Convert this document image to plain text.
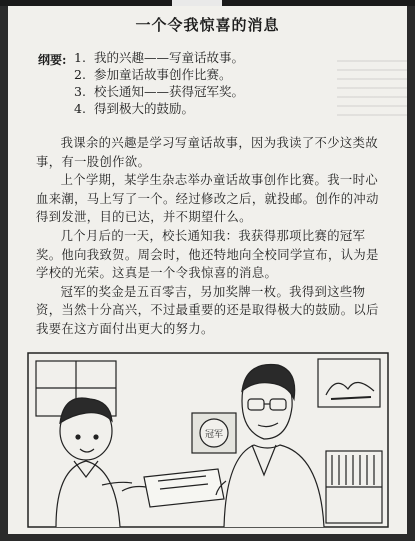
一个令我惊喜的消息
纲要: 1. 我的兴趣——写童话故事。
2. 参加童话故事创作比赛。
3. 校长通知——获得冠军奖。
4. 得到极大的鼓励。

我课余的兴趣是学习写童话故事，因为我读了不少这类故事，有一股创作欲。

上个学期，某学生杂志举办童话故事创作比赛。我一时心血来潮，马上写了一个。经过修改之后，就投邮。创作的冲动得到发泄，目的已达，并不期望什么。

几个月后的一天，校长通知我：我获得那项比赛的冠军奖。他向我致贺。周会时，他还特地向全校同学宣布，认为是学校的光荣。这真是一个令我惊喜的消息。

冠军的奖金是五百零吉，另加奖牌一枚。我得到这些物资，当然十分高兴，不过最重要的还是取得极大的鼓励。以后我要在这方面付出更大的努力。

冠军
